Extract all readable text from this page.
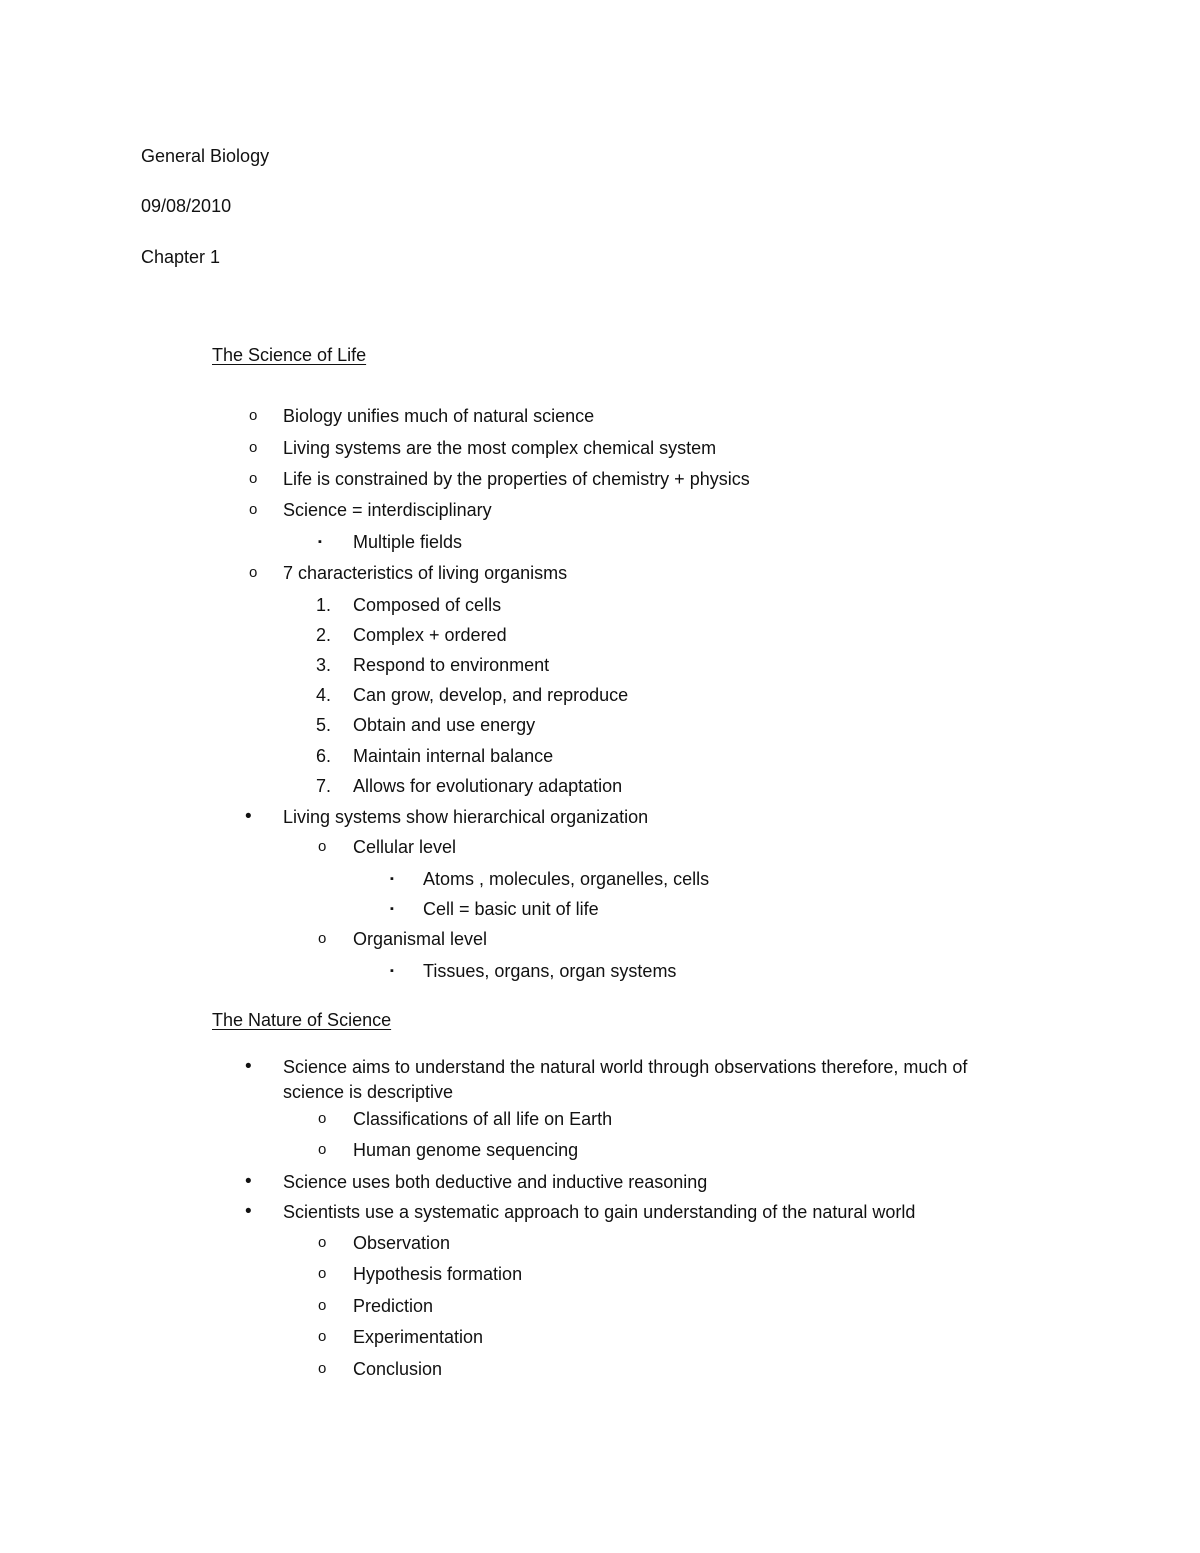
General Biology
09/08/2010
Chapter 1
The Science of Life
o Biology unifies much of natural science
o Living systems are the most complex chemical system
o Life is constrained by the properties of chemistry + physics
o Science = interdisciplinary
▪ Multiple fields
o 7 characteristics of living organisms
1. Composed of cells
2. Complex + ordered
3. Respond to environment
4. Can grow, develop, and reproduce
5. Obtain and use energy
6. Maintain internal balance
7. Allows for evolutionary adaptation
• Living systems show hierarchical organization
o Cellular level
▪ Atoms , molecules, organelles, cells
▪ Cell = basic unit of life
o Organismal level
▪ Tissues, organs, organ systems
The Nature of Science
• Science aims to understand the natural world through observations therefore, much of
science is descriptive
o Classifications of all life on Earth
o Human genome sequencing
• Science uses both deductive and inductive reasoning
• Scientists use a systematic approach to gain understanding of the natural world
o Observation
o Hypothesis formation
o Prediction
o Experimentation
o Conclusion
